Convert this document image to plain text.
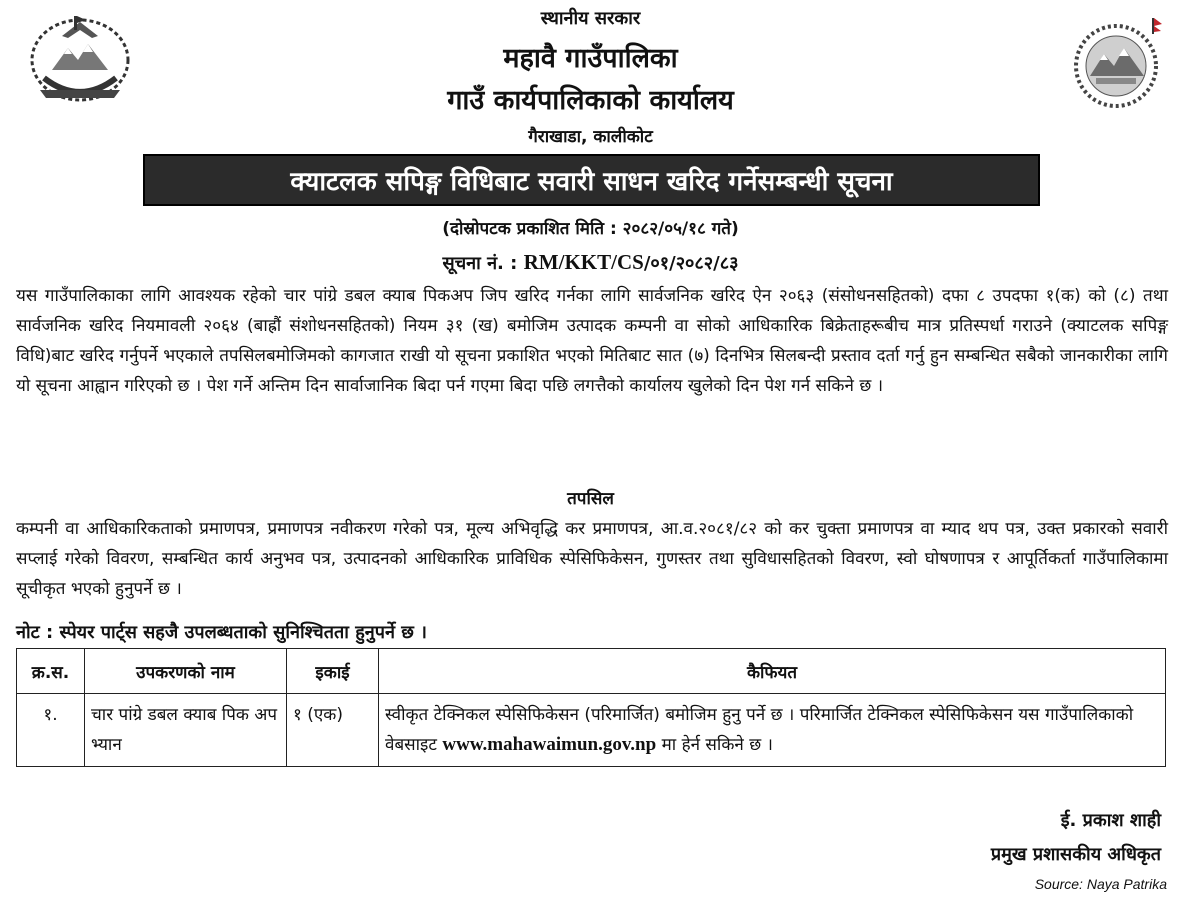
स्थानीय सरकार
महावै गाउँपालिका
गाउँ कार्यपालिकाको कार्यालय
गैराखाडा, कालीकोट
क्याटलक सपिङ्ग विधिबाट सवारी साधन खरिद गर्नेसम्बन्धी सूचना
(दोस्रोपटक प्रकाशित मिति : २०८२/०५/१८ गते)
सूचना नं. : RM/KKT/CS/०१/२०८२/८३

यस गाउँपालिकाका लागि आवश्यक रहेको चार पांग्रे डबल क्याब पिकअप जिप खरिद गर्नका लागि सार्वजनिक खरिद ऐन २०६३ (संसोधनसहितको) दफा ८ उपदफा १(क) को (८) तथा सार्वजनिक खरिद नियमावली २०६४ (बाह्रौं संशोधनसहितको) नियम ३१ (ख) बमोजिम उत्पादक कम्पनी वा सोको आधिकारिक बिक्रेताहरूबीच मात्र प्रतिस्पर्धा गराउने (क्याटलक सपिङ्ग विधि)बाट खरिद गर्नुपर्ने भएकाले तपसिलबमोजिमको कागजात राखी यो सूचना प्रकाशित भएको मितिबाट सात (७) दिनभित्र सिलबन्दी प्रस्ताव दर्ता गर्नु हुन सम्बन्धित सबैको जानकारीका लागि यो सूचना आह्वान गरिएको छ । पेश गर्ने अन्तिम दिन सार्वाजानिक बिदा पर्न गएमा बिदा पछि लगत्तैको कार्यालय खुलेको दिन पेश गर्न सकिने छ ।

तपसिल

कम्पनी वा आधिकारिकताको प्रमाणपत्र, प्रमाणपत्र नवीकरण गरेको पत्र, मूल्य अभिवृद्धि कर प्रमाणपत्र, आ.व.२०८१/८२ को कर चुक्ता प्रमाणपत्र वा म्याद थप पत्र, उक्त प्रकारको सवारी सप्लाई गरेको विवरण, सम्बन्धित कार्य अनुभव पत्र, उत्पादनको आधिकारिक प्राविधिक स्पेसिफिकेसन, गुणस्तर तथा सुविधासहितको विवरण, स्वो घोषणापत्र र आपूर्तिकर्ता गाउँपालिकामा सूचीकृत भएको हुनुपर्ने छ ।

नोट : स्पेयर पार्ट्स सहजै उपलब्धताको सुनिश्चितता हुनुपर्ने छ ।
क्र.स.	उपकरणको नाम	इकाई	कैफियत
१.	चार पांग्रे डबल क्याब पिक अप भ्यान	१ (एक)	स्वीकृत टेक्निकल स्पेसिफिकेसन (परिमार्जित) बमोजिम हुनु पर्ने छ । परिमार्जित टेक्निकल स्पेसिफिकेसन यस गाउँपालिकाको वेबसाइट www.mahawaimun.gov.np मा हेर्न सकिने छ ।
ई. प्रकाश शाही
प्रमुख प्रशासकीय अधिकृत
Source: Naya Patrika
